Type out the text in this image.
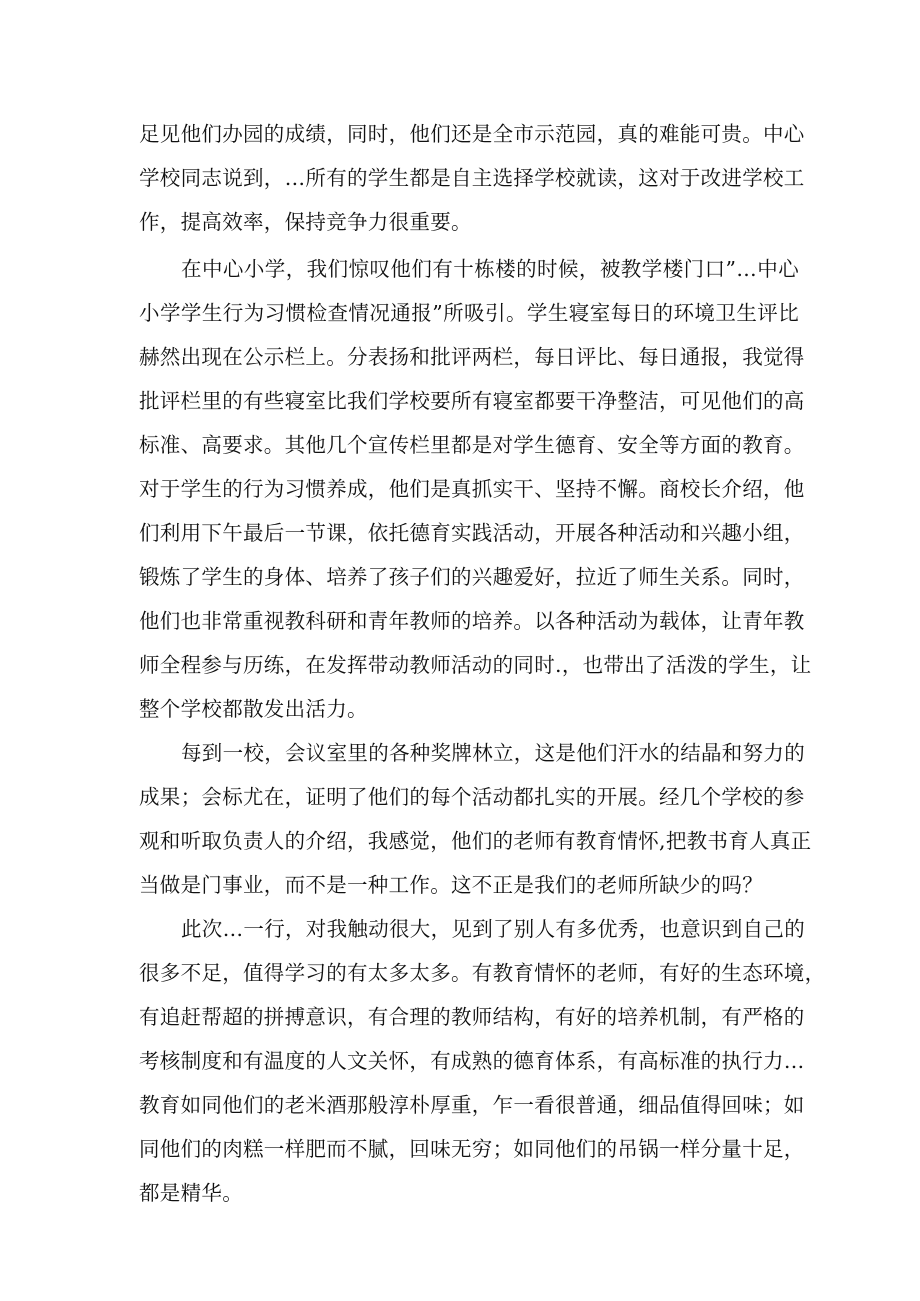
足见他们办园的成绩，同时，他们还是全市示范园，真的难能可贵。中心
学校同志说到，…所有的学生都是自主选择学校就读，这对于改进学校工
作，提高效率，保持竞争力很重要。
在中心小学，我们惊叹他们有十栋楼的时候，被教学楼门口”…中心
小学学生行为习惯检查情况通报”所吸引。学生寝室每日的环境卫生评比
赫然出现在公示栏上。分表扬和批评两栏，每日评比、每日通报，我觉得
批评栏里的有些寝室比我们学校要所有寝室都要干净整洁，可见他们的高
标准、高要求。其他几个宣传栏里都是对学生德育、安全等方面的教育。
对于学生的行为习惯养成，他们是真抓实干、坚持不懈。商校长介绍，他
们利用下午最后一节课，依托德育实践活动，开展各种活动和兴趣小组，
锻炼了学生的身体、培养了孩子们的兴趣爱好，拉近了师生关系。同时，
他们也非常重视教科研和青年教师的培养。以各种活动为载体，让青年教
师全程参与历练，在发挥带动教师活动的同时.，也带出了活泼的学生，让
整个学校都散发出活力。
每到一校，会议室里的各种奖牌林立，这是他们汗水的结晶和努力的
成果；会标尤在，证明了他们的每个活动都扎实的开展。经几个学校的参
观和听取负责人的介绍，我感觉，他们的老师有教育情怀,把教书育人真正
当做是门事业，而不是一种工作。这不正是我们的老师所缺少的吗？
此次…一行，对我触动很大，见到了别人有多优秀，也意识到自己的
很多不足，值得学习的有太多太多。有教育情怀的老师，有好的生态环境，
有追赶帮超的拼搏意识，有合理的教师结构，有好的培养机制，有严格的
考核制度和有温度的人文关怀，有成熟的德育体系，有高标准的执行力…
教育如同他们的老米酒那般淳朴厚重，乍一看很普通，细品值得回味；如
同他们的肉糕一样肥而不腻，回味无穷；如同他们的吊锅一样分量十足，
都是精华。
